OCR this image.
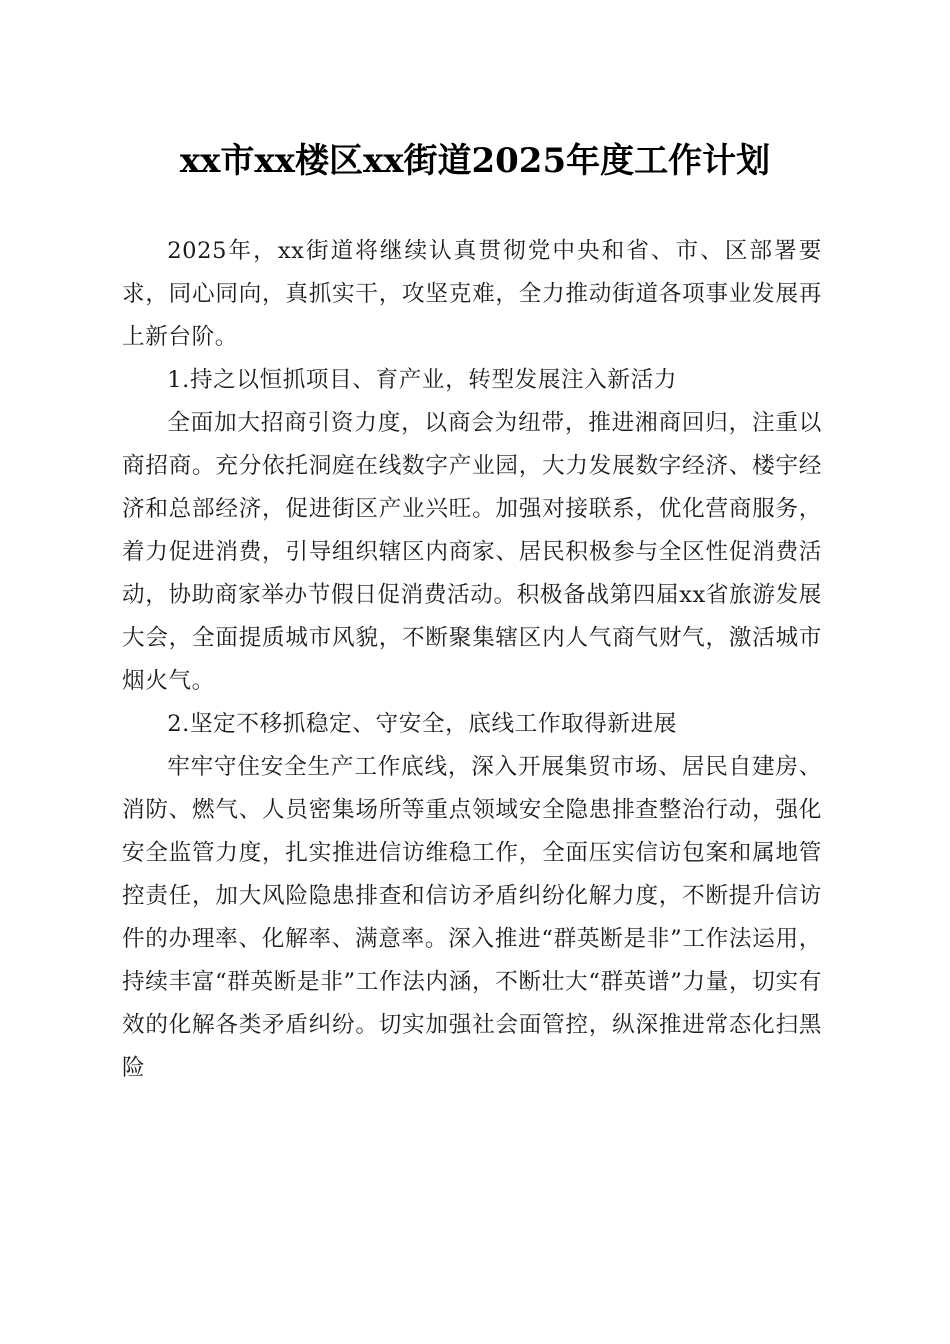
xx市xx楼区xx街道2025年度工作计划

2025年，xx街道将继续认真贯彻党中央和省、市、区部署要求，同心同向，真抓实干，攻坚克难，全力推动街道各项事业发展再上新台阶。

1.持之以恒抓项目、育产业，转型发展注入新活力

全面加大招商引资力度，以商会为纽带，推进湘商回归，注重以商招商。充分依托洞庭在线数字产业园，大力发展数字经济、楼宇经济和总部经济，促进街区产业兴旺。加强对接联系，优化营商服务，着力促进消费，引导组织辖区内商家、居民积极参与全区性促消费活动，协助商家举办节假日促消费活动。积极备战第四届xx省旅游发展大会，全面提质城市风貌，不断聚集辖区内人气商气财气，激活城市烟火气。

2.坚定不移抓稳定、守安全，底线工作取得新进展

牢牢守住安全生产工作底线，深入开展集贸市场、居民自建房、消防、燃气、人员密集场所等重点领域安全隐患排查整治行动，强化安全监管力度，扎实推进信访维稳工作，全面压实信访包案和属地管控责任，加大风险隐患排查和信访矛盾纠纷化解力度，不断提升信访件的办理率、化解率、满意率。深入推进“群英断是非”工作法运用，持续丰富“群英断是非”工作法内涵，不断壮大“群英谱”力量，切实有效的化解各类矛盾纠纷。切实加强社会面管控，纵深推进常态化扫黑险
